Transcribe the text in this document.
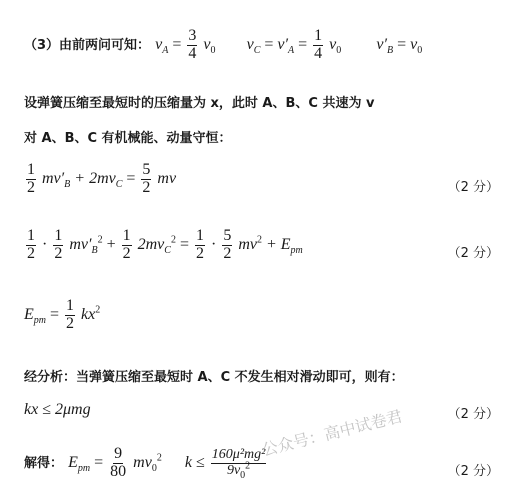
（3）由前两问可知： $v_A = \frac{3}{4} v_0$ $v_C = v'_A = \frac{1}{4} v_0$ $v'_B = v_0$
设弹簧压缩至最短时的压缩量为 x，此时 A、B、C 共速为 v
对 A、B、C 有机械能、动量守恒：
$\frac{1}{2} mv'_B + 2mv_C = \frac{5}{2}$ mv
（2 分）
$\frac{1}{2} \cdot \frac{1}{2} mv'_B^2 + \frac{1}{2} 2mv_C^2 = \frac{1}{2} \cdot \frac{5}{2} mv^2 + E_{pm}$	（2 分）
$E_{pm} = \frac{1}{2} kx^2$
经分析：当弹簧压缩至最短时 A、C 不发生相对滑动即可，则有：
kx ≤ 2μmg	（2 分）
解得： $E_{pm} = \frac{9}{80} mv_0^2$ $k \le \frac{\text{160μ²mg²}}{9v_0^2}$	（2 分）
公众号：高中试卷君
